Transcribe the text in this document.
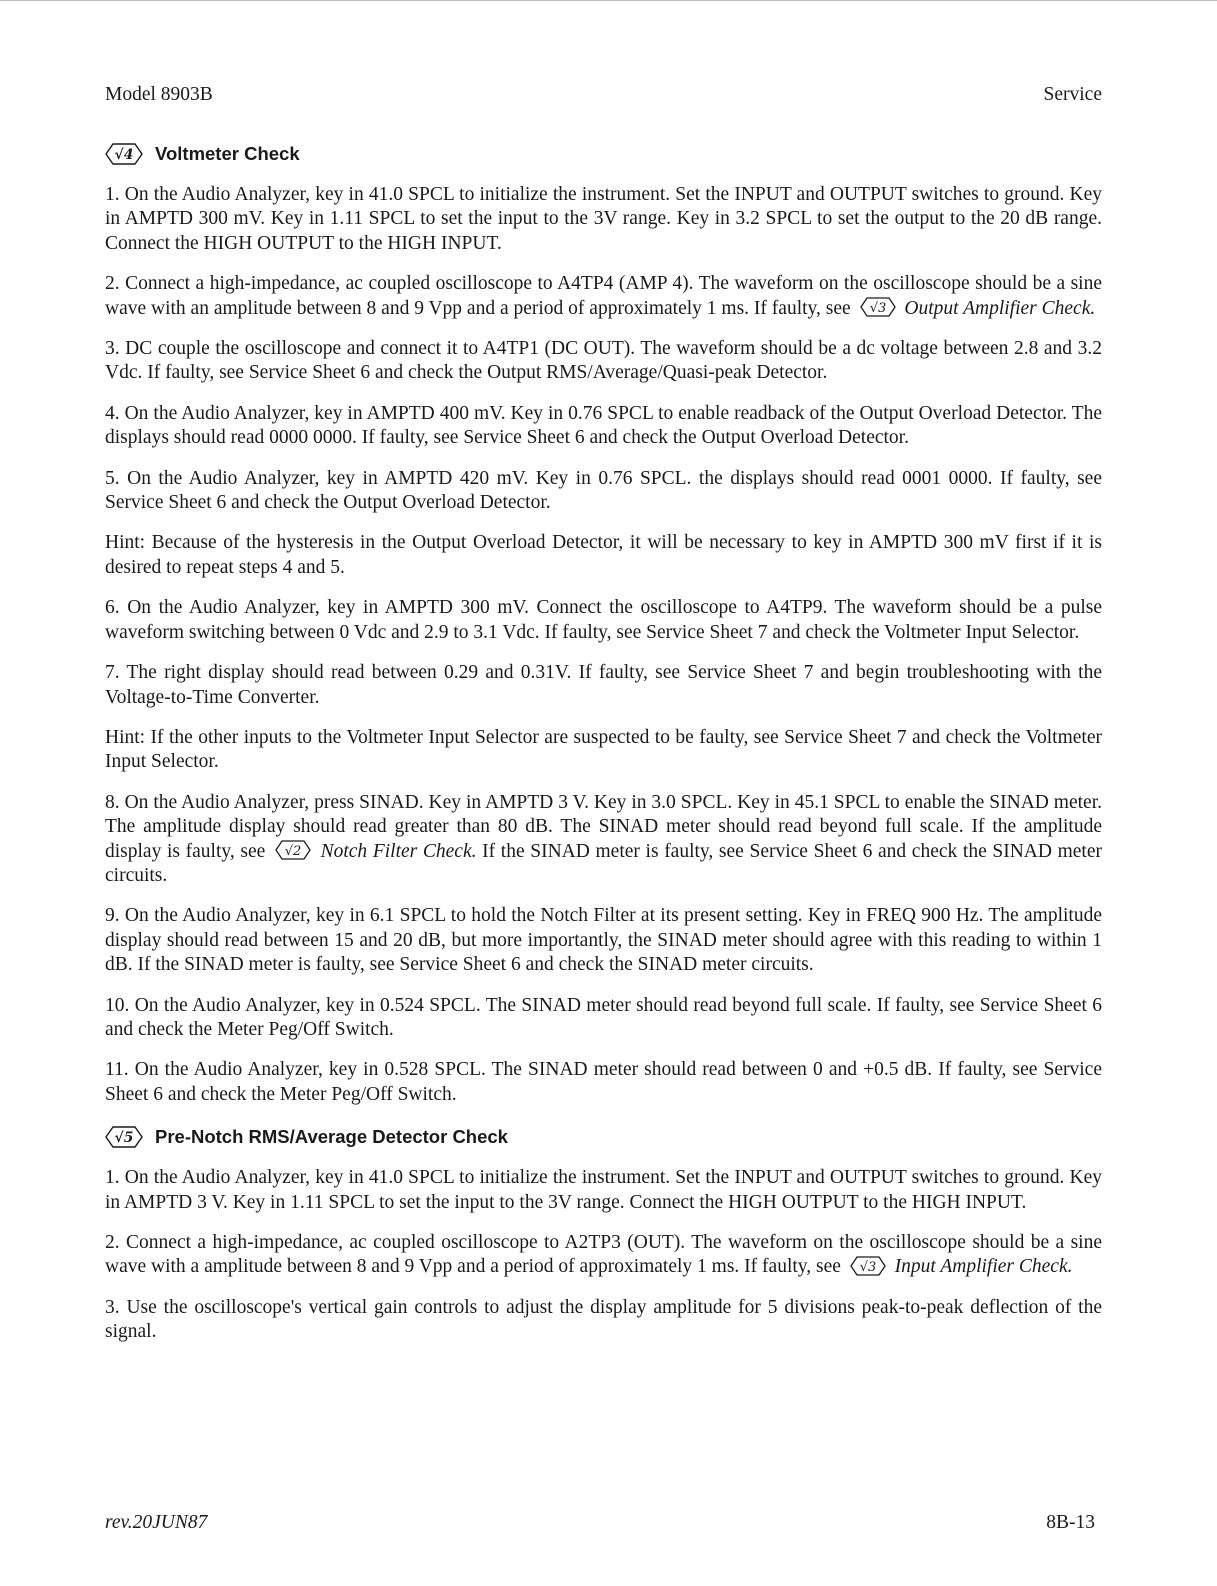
Model 8903B	Service
√4 Voltmeter Check

1. On the Audio Analyzer, key in 41.0 SPCL to initialize the instrument. Set the INPUT and OUTPUT switches to ground. Key in AMPTD 300 mV. Key in 1.11 SPCL to set the input to the 3V range. Key in 3.2 SPCL to set the output to the 20 dB range. Connect the HIGH OUTPUT to the HIGH INPUT.

2. Connect a high-impedance, ac coupled oscilloscope to A4TP4 (AMP 4). The waveform on the oscilloscope should be a sine wave with an amplitude between 8 and 9 Vpp and a period of approximately 1 ms. If faulty, see √3 Output Amplifier Check.

3. DC couple the oscilloscope and connect it to A4TP1 (DC OUT). The waveform should be a dc voltage between 2.8 and 3.2 Vdc. If faulty, see Service Sheet 6 and check the Output RMS/Average/Quasi-peak Detector.

4. On the Audio Analyzer, key in AMPTD 400 mV. Key in 0.76 SPCL to enable readback of the Output Overload Detector. The displays should read 0000 0000. If faulty, see Service Sheet 6 and check the Output Overload Detector.

5. On the Audio Analyzer, key in AMPTD 420 mV. Key in 0.76 SPCL. the displays should read 0001 0000. If faulty, see Service Sheet 6 and check the Output Overload Detector.

Hint: Because of the hysteresis in the Output Overload Detector, it will be necessary to key in AMPTD 300 mV first if it is desired to repeat steps 4 and 5.

6. On the Audio Analyzer, key in AMPTD 300 mV. Connect the oscilloscope to A4TP9. The waveform should be a pulse waveform switching between 0 Vdc and 2.9 to 3.1 Vdc. If faulty, see Service Sheet 7 and check the Voltmeter Input Selector.

7. The right display should read between 0.29 and 0.31V. If faulty, see Service Sheet 7 and begin troubleshooting with the Voltage-to-Time Converter.

Hint: If the other inputs to the Voltmeter Input Selector are suspected to be faulty, see Service Sheet 7 and check the Voltmeter Input Selector.

8. On the Audio Analyzer, press SINAD. Key in AMPTD 3 V. Key in 3.0 SPCL. Key in 45.1 SPCL to enable the SINAD meter. The amplitude display should read greater than 80 dB. The SINAD meter should read beyond full scale. If the amplitude display is faulty, see √2 Notch Filter Check. If the SINAD meter is faulty, see Service Sheet 6 and check the SINAD meter circuits.

9. On the Audio Analyzer, key in 6.1 SPCL to hold the Notch Filter at its present setting. Key in FREQ 900 Hz. The amplitude display should read between 15 and 20 dB, but more importantly, the SINAD meter should agree with this reading to within 1 dB. If the SINAD meter is faulty, see Service Sheet 6 and check the SINAD meter circuits.

10. On the Audio Analyzer, key in 0.524 SPCL. The SINAD meter should read beyond full scale. If faulty, see Service Sheet 6 and check the Meter Peg/Off Switch.

11. On the Audio Analyzer, key in 0.528 SPCL. The SINAD meter should read between 0 and +0.5 dB. If faulty, see Service Sheet 6 and check the Meter Peg/Off Switch.

√5 Pre-Notch RMS/Average Detector Check

1. On the Audio Analyzer, key in 41.0 SPCL to initialize the instrument. Set the INPUT and OUTPUT switches to ground. Key in AMPTD 3 V. Key in 1.11 SPCL to set the input to the 3V range. Connect the HIGH OUTPUT to the HIGH INPUT.

2. Connect a high-impedance, ac coupled oscilloscope to A2TP3 (OUT). The waveform on the oscilloscope should be a sine wave with a amplitude between 8 and 9 Vpp and a period of approximately 1 ms. If faulty, see √3 Input Amplifier Check.

3. Use the oscilloscope's vertical gain controls to adjust the display amplitude for 5 divisions peak-to-peak deflection of the signal.

rev.20JUN87	8B-13
